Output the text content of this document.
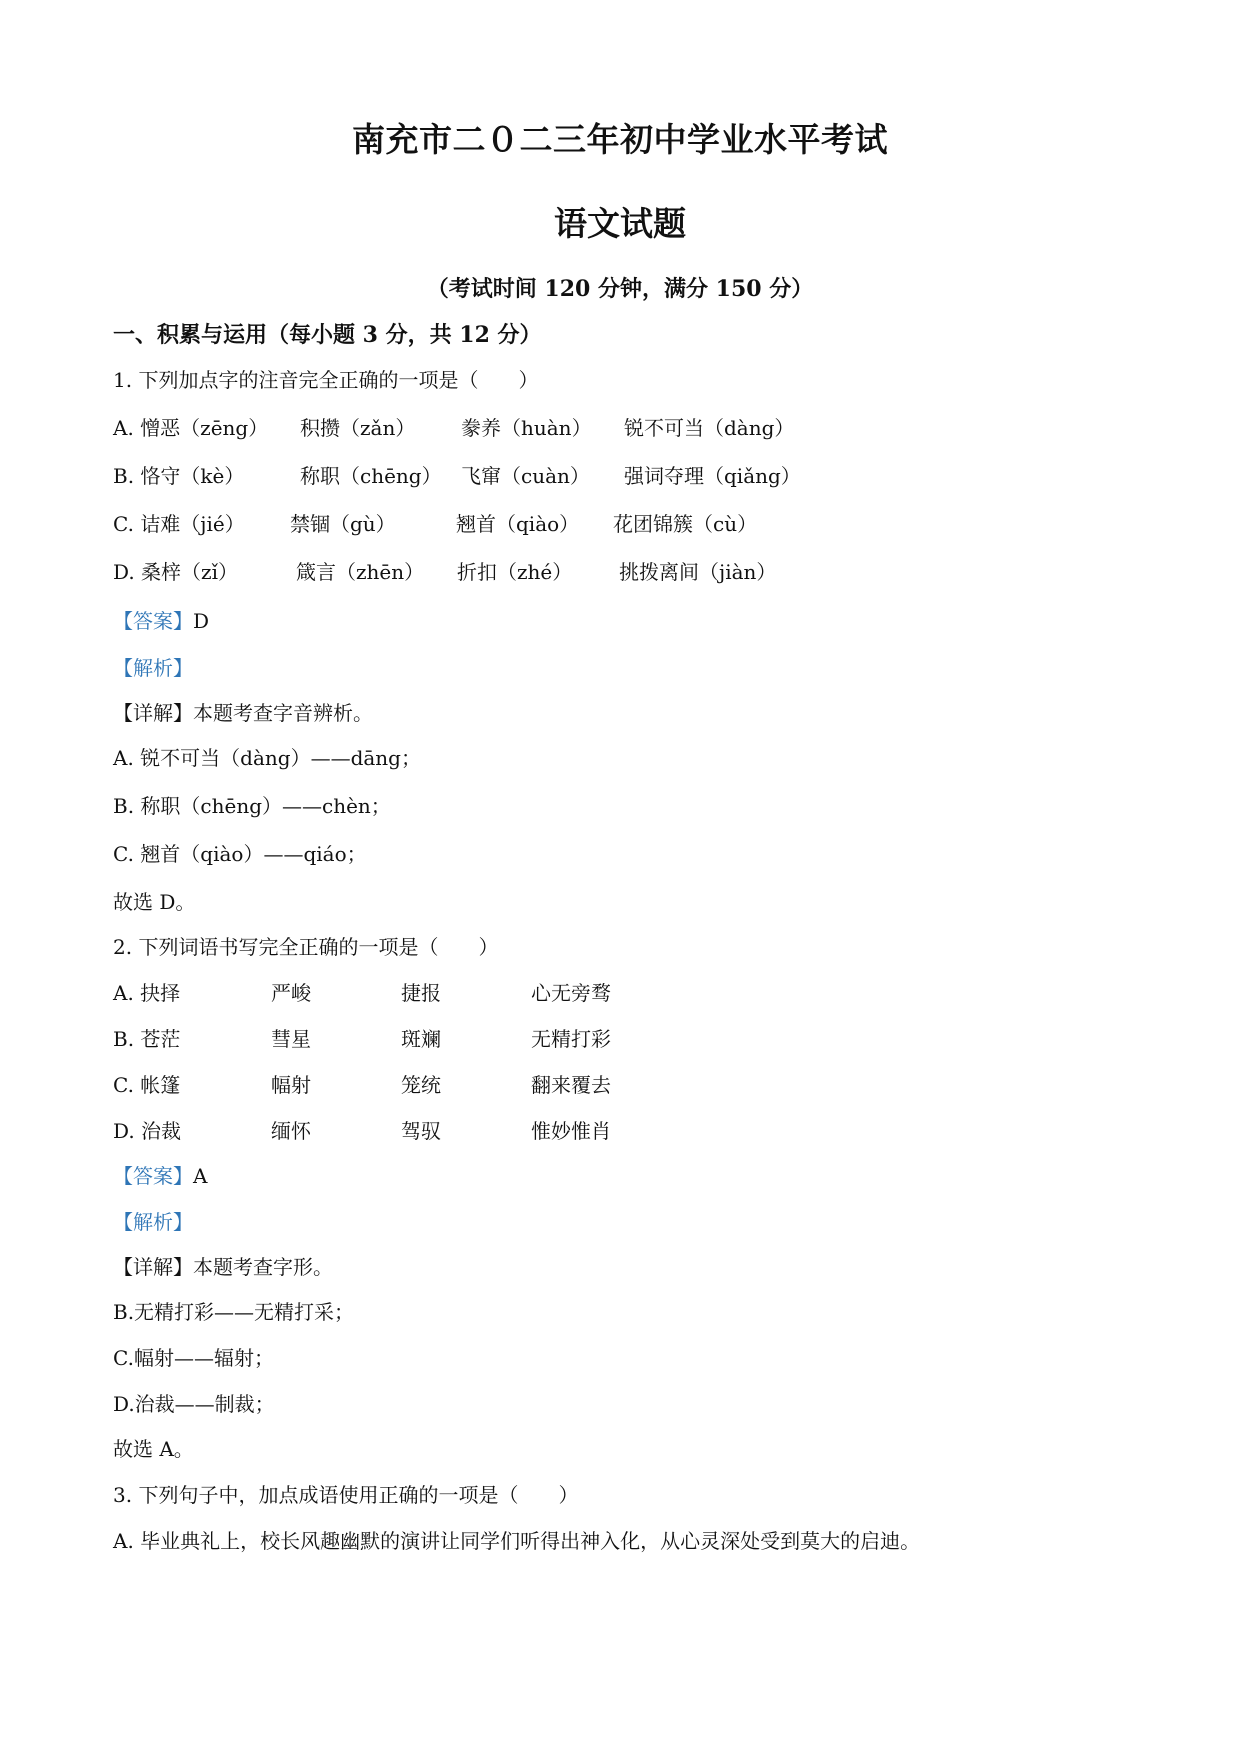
南充市二０二三年初中学业水平考试
语文试题
（考试时间 120 分钟，满分 150 分）
一、积累与运用（每小题 3 分，共 12 分）
1. 下列加点字的注音完全正确的一项是（　　）
A. 憎恶（zēng） 积攒（zǎn） 豢养（huàn） 锐不可当（dàng）
B. 恪守（kè）	称职（chēng） 飞窜（cuàn） 强词夺理（qiǎng）
C. 诘难（jié） 禁锢（gù）	翘首（qiào） 花团锦簇（cù）
D. 桑梓（zǐ）	箴言（zhēn） 折扣（zhé） 挑拨离间（jiàn）
【答案】D
【解析】
【详解】本题考查字音辨析。
A. 锐不可当（dàng）——dāng；
B. 称职（chēng）——chèn；
C. 翘首（qiào）——qiáo；
故选 D。
2. 下列词语书写完全正确的一项是（　　）
A. 抉择	严峻	捷报	心无旁骛
B. 苍茫	彗星	斑斓	无精打彩
C. 帐篷	幅射	笼统	翻来覆去
D. 治裁	缅怀	驾驭	惟妙惟肖
【答案】A
【解析】
【详解】本题考查字形。
B.无精打彩——无精打采；
C.幅射——辐射；
D.治裁——制裁；
故选 A。
3. 下列句子中，加点成语使用正确的一项是（　　）
A. 毕业典礼上，校长风趣幽默的演讲让同学们听得出神入化，从心灵深处受到莫大的启迪。
